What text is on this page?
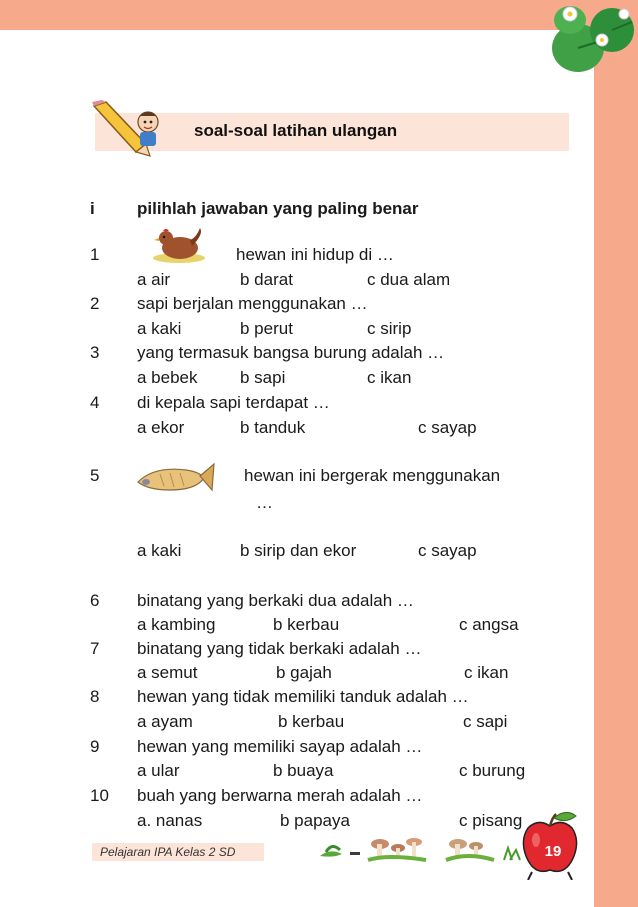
soal-soal latihan ulangan
i pilihlah jawaban yang paling benar
1	hewan ini hidup di …
a air	b darat	c dua alam
2 sapi berjalan menggunakan …
a kaki	b perut	c sirip
3 yang termasuk bangsa burung adalah …
a bebek	b sapi	c ikan
4 di kepala sapi terdapat …
a ekor	b tanduk	c sayap
5	hewan ini bergerak menggunakan
…
a kaki	b sirip dan ekor	c sayap
6 binatang yang berkaki dua adalah …
a kambing	b kerbau	c angsa
7 binatang yang tidak berkaki adalah …
a semut	b gajah	c ikan
8 hewan yang tidak memiliki tanduk adalah …
a ayam	b kerbau	c sapi
9 hewan yang memiliki sayap adalah …
a ular	b buaya	c burung
10 buah yang berwarna merah adalah …
a. nanas	b papaya	c pisang
Pelajaran IPA Kelas 2 SD	19
